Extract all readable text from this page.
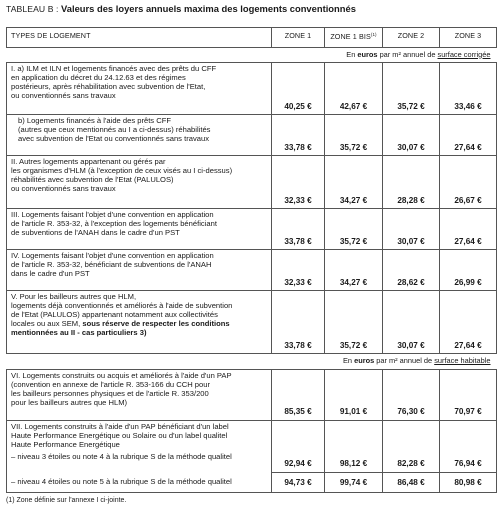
TABLEAU B : Valeurs des loyers annuels maxima des logements conventionnés
TYPES DE LOGEMENT	ZONE 1	ZONE 1 BIS$^{(1)}$	ZONE 2	ZONE 3
En euros par m² annuel de surface corrigée				

I. a) ILM et ILN et logements financés avec des prêts du CFF
en application du décret du 24.12.63 et des régimes
postérieurs, après réhabilitation avec subvention de l'Etat,
ou conventionnés sans travaux	40,25 €	42,67 €	35,72 €	33,46 €

b) Logements financés à l'aide des prêts CFF
(autres que ceux mentionnés au I a ci-dessus) réhabilités
avec subvention de l'Etat ou conventionnés sans travaux	33,78 €	35,72 €	30,07 €	27,64 €

II. Autres logements appartenant ou gérés par
les organismes d'HLM (à l'exception de ceux visés au I ci-dessus)
réhabilités avec subvention de l'Etat (PALULOS)
ou conventionnés sans travaux	32,33 €	34,27 €	28,28 €	26,67 €

III. Logements faisant l'objet d'une convention en application
de l'article R. 353-32, à l'exception des logements bénéficiant
de subventions de l'ANAH dans le cadre d'un PST	33,78 €	35,72 €	30,07 €	27,64 €

IV. Logements faisant l'objet d'une convention en application
de l'article R. 353-32, bénéficiant de subventions de l'ANAH
dans le cadre d'un PST	32,33 €	34,27 €	28,62 €	26,99 €

V. Pour les bailleurs autres que HLM,
logements déjà conventionnés et améliorés à l'aide de subvention
de l'Etat (PALULOS) appartenant notamment aux collectivités
locales ou aux SEM, sous réserve de respecter les conditions
mentionnées au II - cas particuliers 3)	33,78 €	35,72 €	30,07 €	27,64 €
En euros par m² annuel de surface habitable				

VI. Logements construits ou acquis et améliorés à l'aide d'un PAP
(convention en annexe de l'article R. 353-166 du CCH pour
les bailleurs personnes physiques et de l'article R. 353/200
pour les bailleurs autres que HLM)	85,35 €	91,01 €	76,30 €	70,97 €

VII. Logements construits à l'aide d'un PAP bénéficiant d'un label
Haute Performance Energétique ou Solaire ou d'un label qualitel
Haute Performance Energétique
– niveau 3 étoiles ou note 4 à la rubrique S de la méthode qualitel	92,94 €	98,12 €	82,28 €	76,94 €

– niveau 4 étoiles ou note 5 à la rubrique S de la méthode qualitel	94,73 €	99,74 €	86,48 €	80,98 €
(1) Zone définie sur l'annexe I ci-jointe.
